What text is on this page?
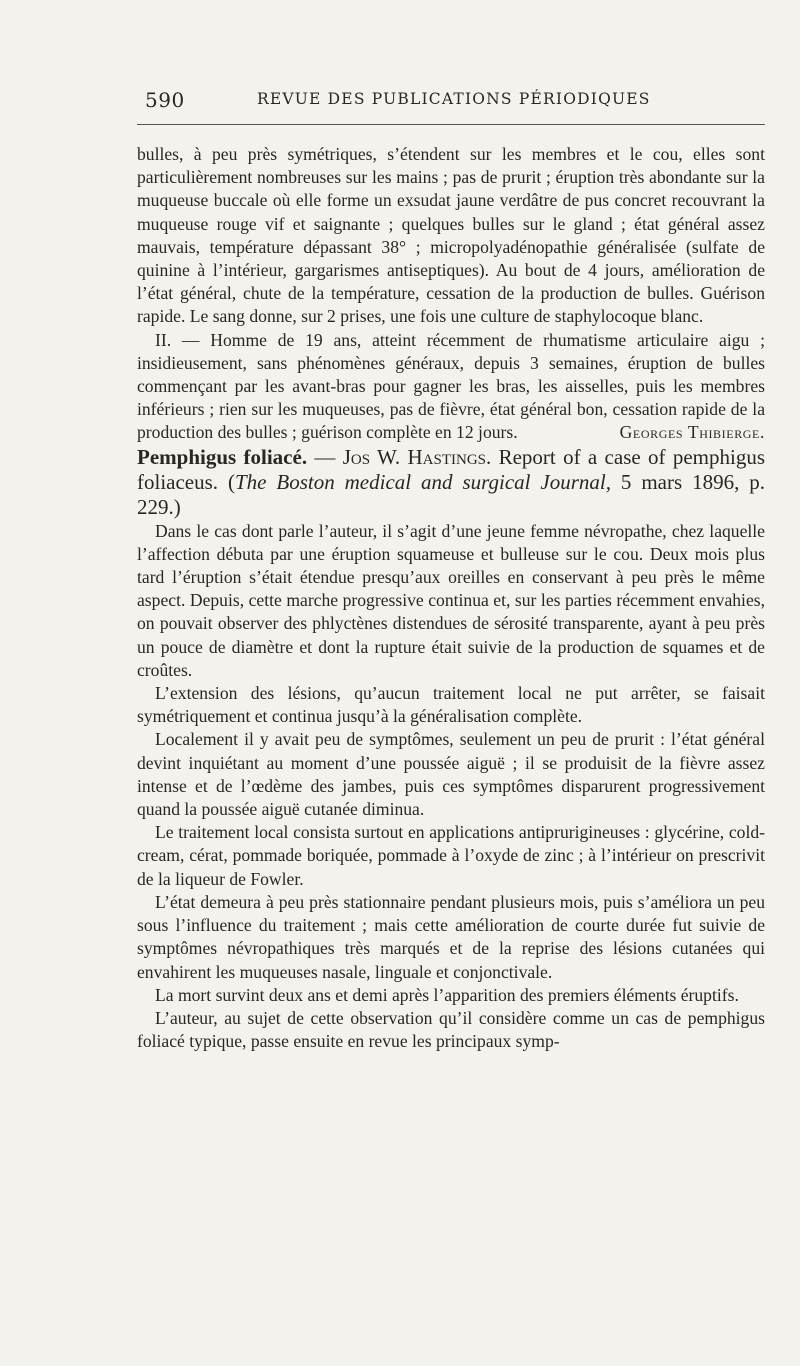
590	REVUE DES PUBLICATIONS PÉRIODIQUES

bulles, à peu près symétriques, s’étendent sur les membres et le cou, elles sont particulièrement nombreuses sur les mains ; pas de prurit ; éruption très abondante sur la muqueuse buccale où elle forme un exsudat jaune verdâtre de pus concret recouvrant la muqueuse rouge vif et saignante ; quelques bulles sur le gland ; état général assez mauvais, température dépassant 38° ; micropolyadénopathie généralisée (sulfate de quinine à l’intérieur, gargarismes antiseptiques). Au bout de 4 jours, amélioration de l’état général, chute de la température, cessation de la production de bulles. Guérison rapide. Le sang donne, sur 2 prises, une fois une culture de staphylocoque blanc.

II. — Homme de 19 ans, atteint récemment de rhumatisme articulaire aigu ; insidieusement, sans phénomènes généraux, depuis 3 semaines, éruption de bulles commençant par les avant-bras pour gagner les bras, les aisselles, puis les membres inférieurs ; rien sur les muqueuses, pas de fièvre, état général bon, cessation rapide de la production des bulles ; guérison complète en 12 jours.	Georges Thibierge.

Pemphigus foliacé. — Jos W. Hastings. Report of a case of pemphigus foliaceus. (The Boston medical and surgical Journal, 5 mars 1896, p. 229.)

Dans le cas dont parle l’auteur, il s’agit d’une jeune femme névropathe, chez laquelle l’affection débuta par une éruption squameuse et bulleuse sur le cou. Deux mois plus tard l’éruption s’était étendue presqu’aux oreilles en conservant à peu près le même aspect. Depuis, cette marche progressive continua et, sur les parties récemment envahies, on pouvait observer des phlyctènes distendues de sérosité transparente, ayant à peu près un pouce de diamètre et dont la rupture était suivie de la production de squames et de croûtes.

L’extension des lésions, qu’aucun traitement local ne put arrêter, se faisait symétriquement et continua jusqu’à la généralisation complète.

Localement il y avait peu de symptômes, seulement un peu de prurit : l’état général devint inquiétant au moment d’une poussée aiguë ; il se produisit de la fièvre assez intense et de l’œdème des jambes, puis ces symptômes disparurent progressivement quand la poussée aiguë cutanée diminua.

Le traitement local consista surtout en applications antiprurigineuses : glycérine, cold-cream, cérat, pommade boriquée, pommade à l’oxyde de zinc ; à l’intérieur on prescrivit de la liqueur de Fowler.

L’état demeura à peu près stationnaire pendant plusieurs mois, puis s’améliora un peu sous l’influence du traitement ; mais cette amélioration de courte durée fut suivie de symptômes névropathiques très marqués et de la reprise des lésions cutanées qui envahirent les muqueuses nasale, linguale et conjonctivale.

La mort survint deux ans et demi après l’apparition des premiers éléments éruptifs.

L’auteur, au sujet de cette observation qu’il considère comme un cas de pemphigus foliacé typique, passe ensuite en revue les principaux symp-
